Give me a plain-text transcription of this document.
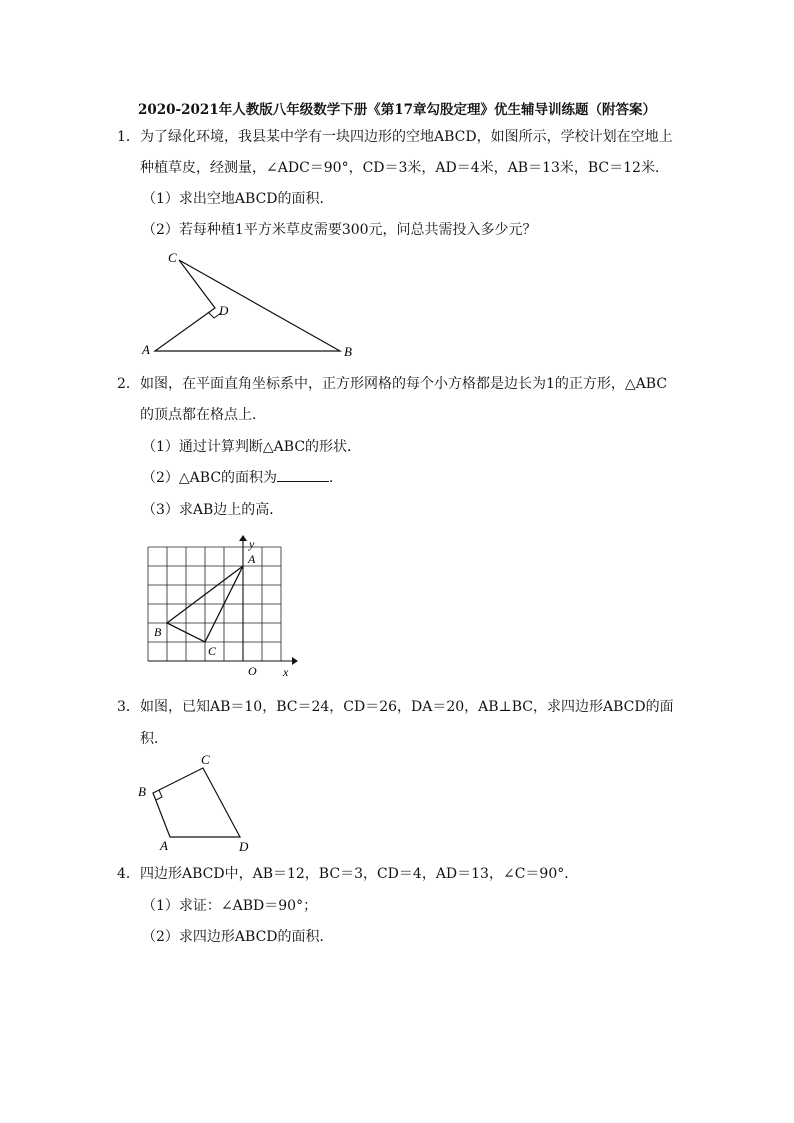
2020-2021年人教版八年级数学下册《第17章勾股定理》优生辅导训练题（附答案）
1． 为了绿化环境，我县某中学有一块四边形的空地ABCD，如图所示，学校计划在空地上
种植草皮，经测量，∠ADC＝90°，CD＝3米，AD＝4米，AB＝13米，BC＝12米．
（1）求出空地ABCD的面积．
（2）若每种植1平方米草皮需要300元，问总共需投入多少元？
C
D
A	B
2． 如图，在平面直角坐标系中，正方形网格的每个小方格都是边长为1的正方形，△ABC
的顶点都在格点上．
（1）通过计算判断△ABC的形状．
（2）△ABC的面积为	．
（3）求AB边上的高．
y
A
B
C
O x
3． 如图，已知AB＝10，BC＝24，CD＝26，DA＝20，AB⊥BC，求四边形ABCD的面
积．
C
B
A	D
4． 四边形ABCD中，AB＝12，BC＝3，CD＝4，AD＝13，∠C＝90°．
（1）求证：∠ABD＝90°；
（2）求四边形ABCD的面积．
